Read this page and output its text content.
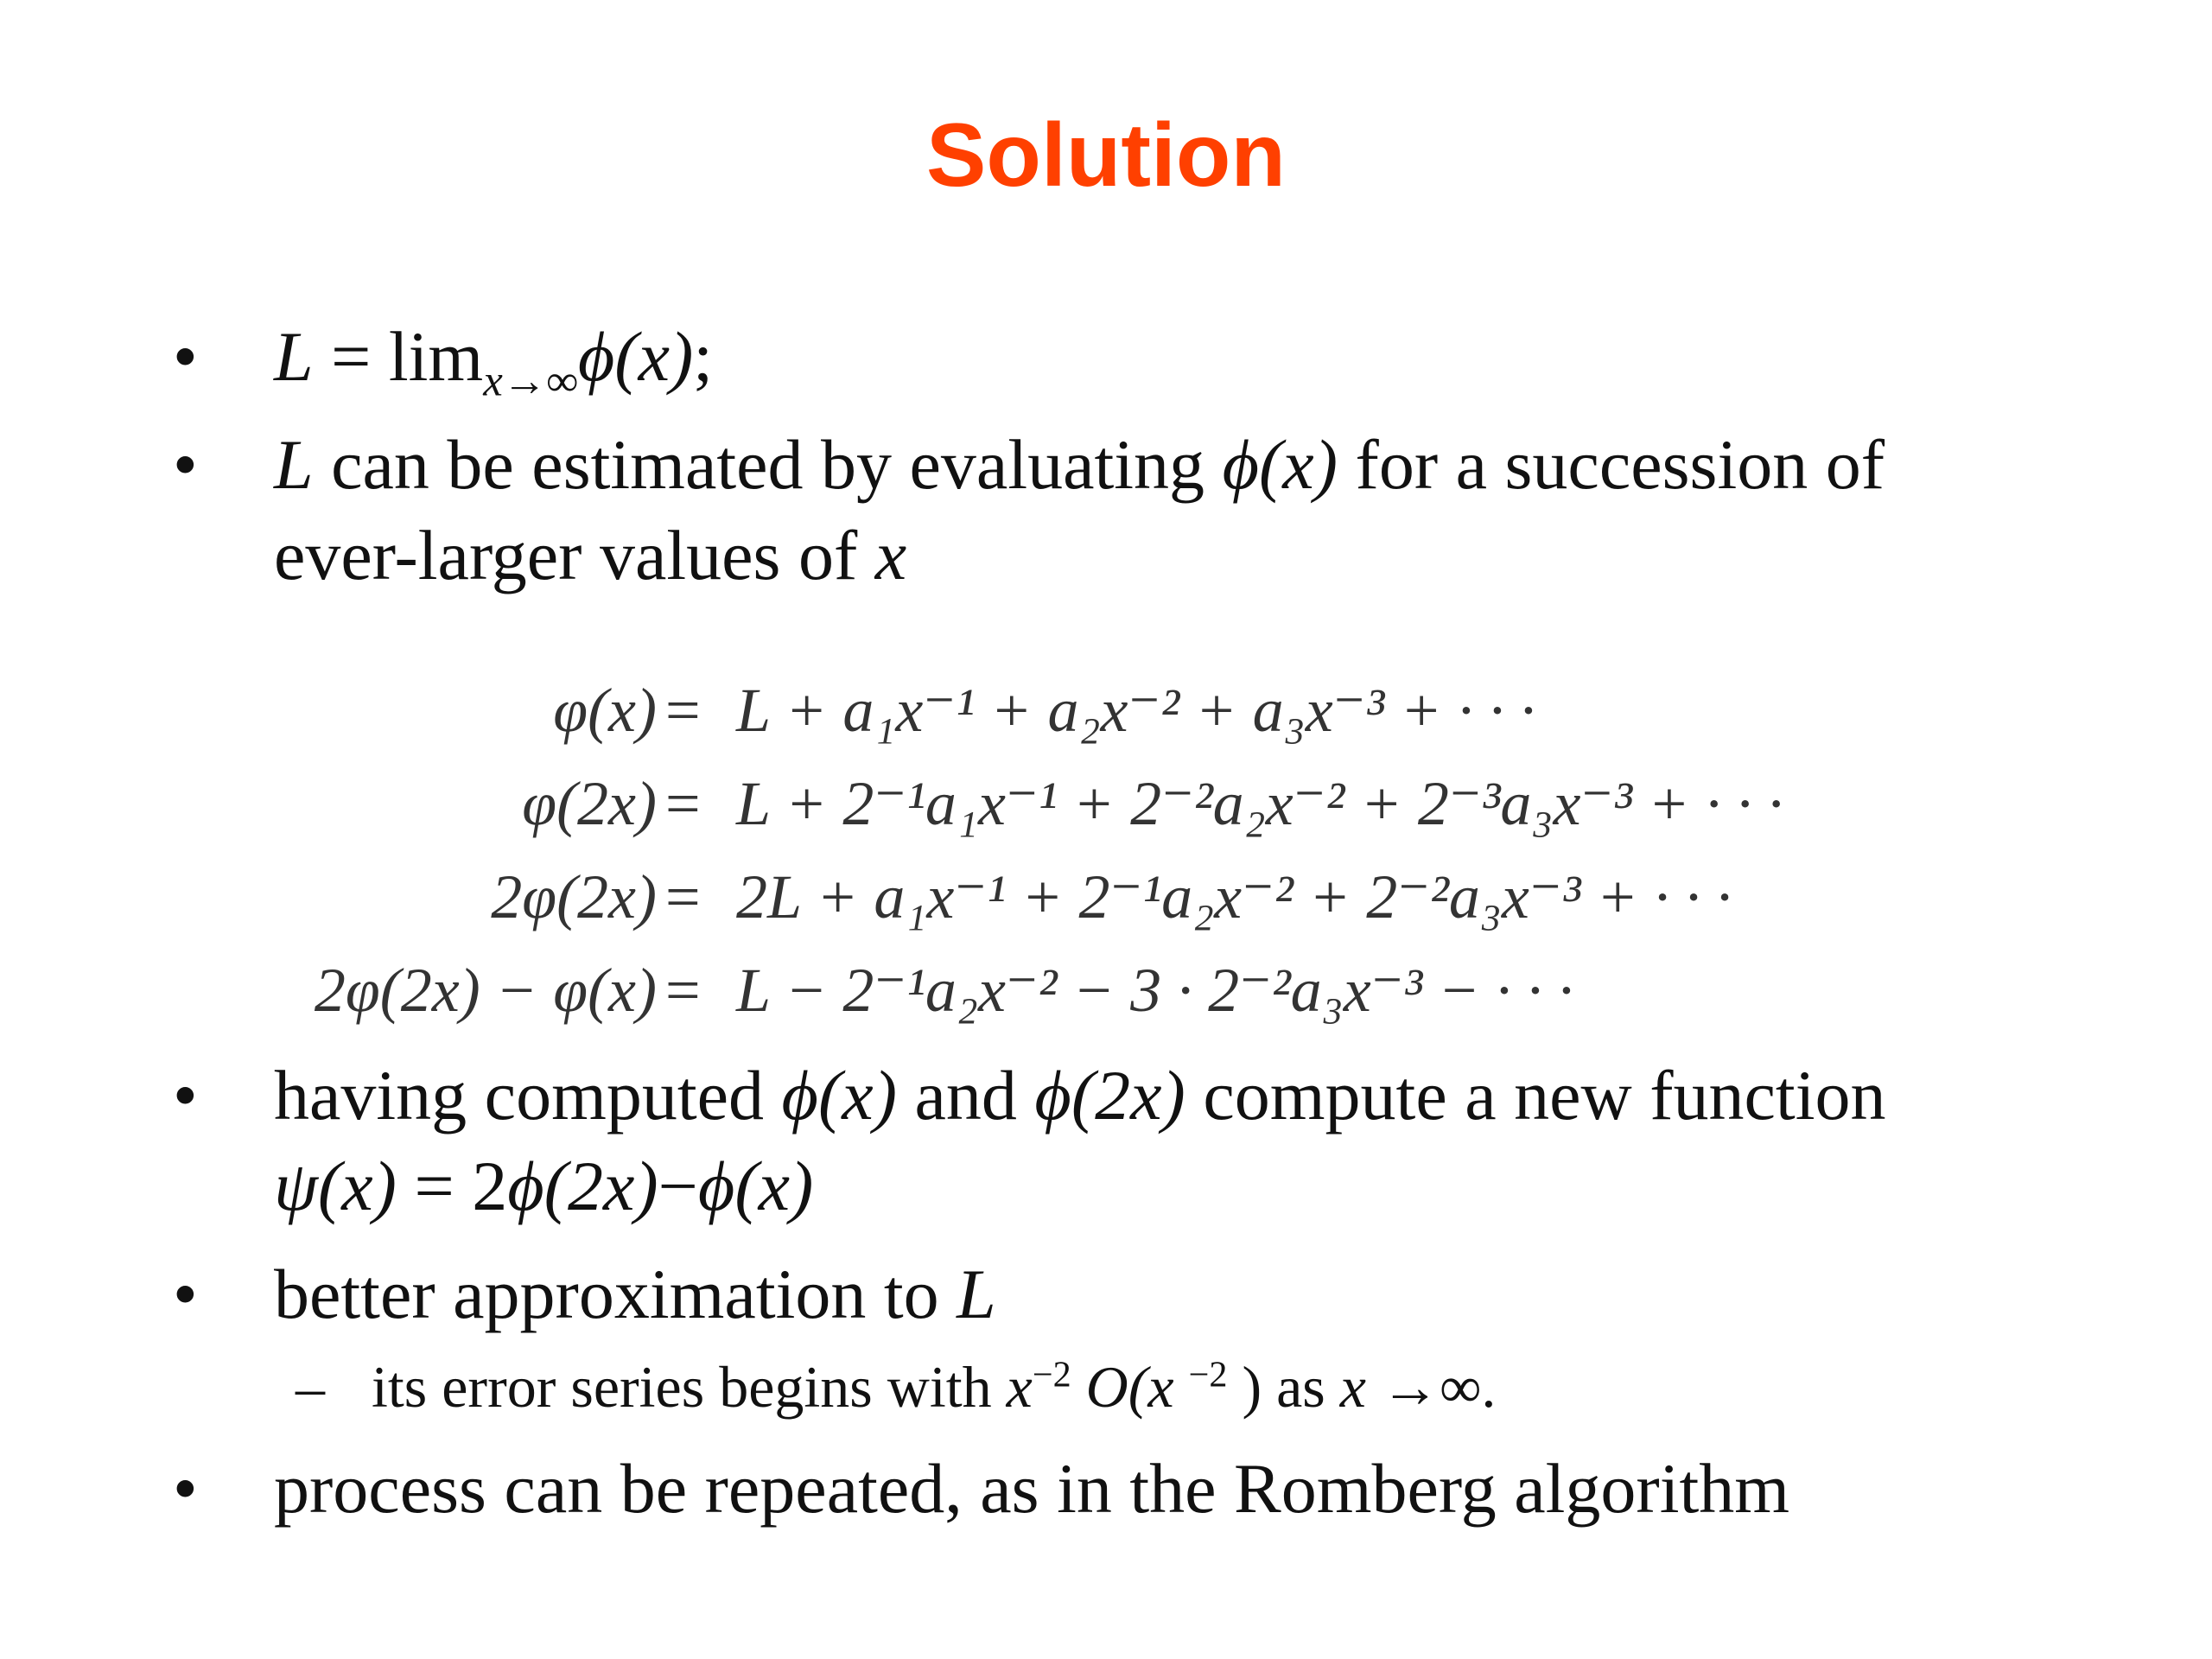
Solution
•	$L = \lim_{x\to\infty}\phi(x)$;
•	L can be estimated by evaluating ϕ(x) for a succession of
ever-larger values of x
φ(x) = L + a₁x⁻¹ + a₂x⁻² + a₃x⁻³ + · · ·
φ(2x) = L + 2⁻¹a₁x⁻¹ + 2⁻²a₂x⁻² + 2⁻³a₃x⁻³ + · · ·
2φ(2x) = 2L + a₁x⁻¹ + 2⁻¹a₂x⁻² + 2⁻²a₃x⁻³ + · · ·
2φ(2x) − φ(x) = L − 2⁻¹a₂x⁻² − 3 · 2⁻²a₃x⁻³ − · · ·
•	having computed ϕ(x) and ϕ(2x) compute a new function
ψ(x) = 2ϕ(2x)−ϕ(x)
•	better approximation to L
– its error series begins with $x^{-2}$ O(x $^{-2}$ ) as x →∞.
•	process can be repeated, as in the Romberg algorithm
